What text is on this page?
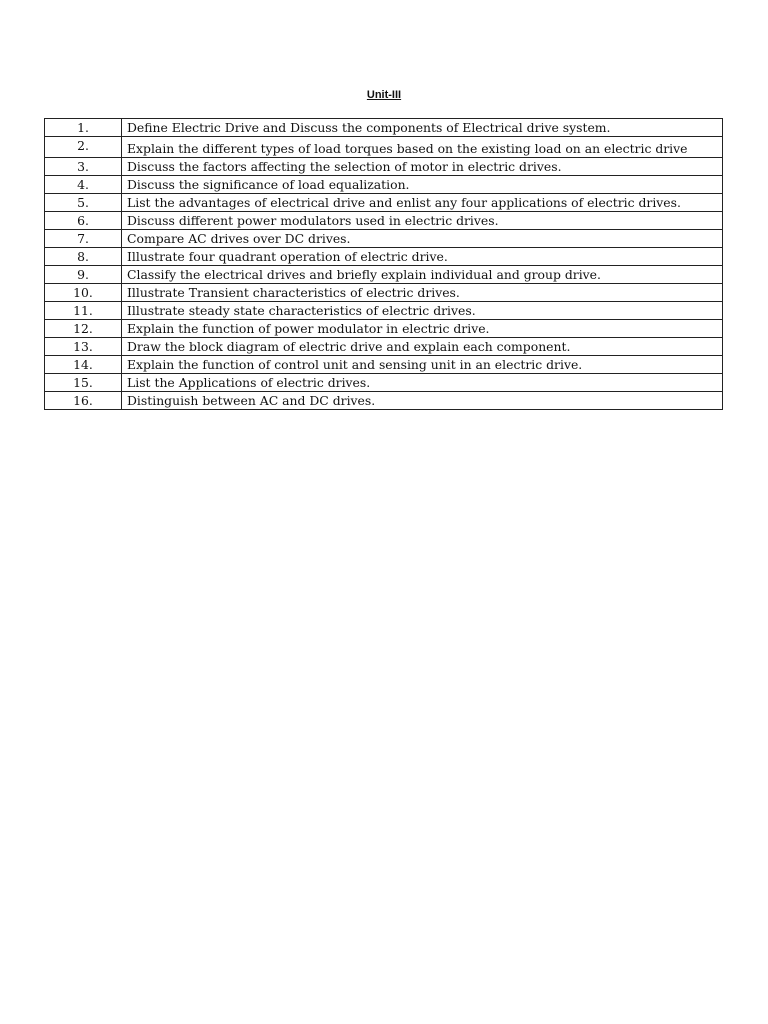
Unit-III
1.	Define Electric Drive and Discuss the components of Electrical drive system.
2.	Explain the different types of load torques based on the existing load on an electric drive
3.	Discuss the factors affecting the selection of motor in electric drives.
4.	Discuss the significance of load equalization.
5.	List the advantages of electrical drive and enlist any four applications of electric drives.
6.	Discuss different power modulators used in electric drives.
7.	Compare AC drives over DC drives.
8.	Illustrate four quadrant operation of electric drive.
9.	Classify the electrical drives and briefly explain individual and group drive.
10.	Illustrate Transient characteristics of electric drives.
11.	Illustrate steady state characteristics of electric drives.
12.	Explain the function of power modulator in electric drive.
13.	Draw the block diagram of electric drive and explain each component.
14.	Explain the function of control unit and sensing unit in an electric drive.
15.	List the Applications of electric drives.
16.	Distinguish between AC and DC drives.
